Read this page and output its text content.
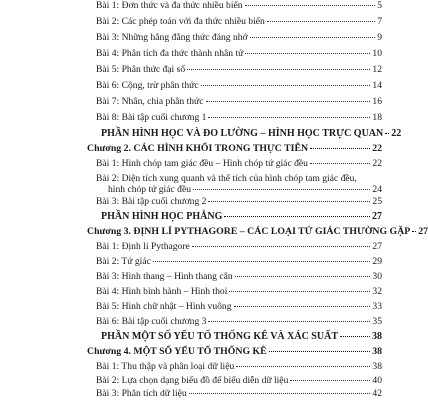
Bài 1: Đơn thức và đa thức nhiều biến	5
Bài 2: Các phép toán với đa thức nhiều biến	7
Bài 3: Những hằng đẳng thức đáng nhớ	9
Bài 4: Phân tích đa thức thành nhân tử	10
Bài 5: Phân thức đại số	12
Bài 6: Cộng, trừ phân thức	14
Bài 7: Nhân, chia phân thức	16
Bài 8: Bài tập cuối chương 1	18
PHẦN HÌNH HỌC VÀ ĐO LƯỜNG – HÌNH HỌC TRỰC QUAN 22
Chương 2. CÁC HÌNH KHỐI TRONG THỰC TIỄN	22
Bài 1: Hình chóp tam giác đều – Hình chóp tứ giác đều	22
Bài 2: Diện tích xung quanh và thể tích của hình chóp tam giác đều,
hình chóp tứ giác đều	24
Bài 3: Bài tập cuối chương 2	25
PHẦN HÌNH HỌC PHẲNG	27
Chương 3. ĐỊNH LÍ PYTHAGORE – CÁC LOẠI TỨ GIÁC THƯỜNG GẶP 27
Bài 1: Định lí Pythagore	27
Bài 2: Tứ giác	29
Bài 3: Hình thang – Hình thang cân	30
Bài 4: Hình bình hành – Hình thoi	32
Bài 5: Hình chữ nhật – Hình vuông	33
Bài 6: Bài tập cuối chương 3	35
PHẦN MỘT SỐ YẾU TỐ THỐNG KÊ VÀ XÁC SUẤT	38
Chương 4. MỘT SỐ YẾU TỐ THỐNG KÊ	38
Bài 1: Thu thập và phân loại dữ liệu	38
Bài 2: Lựa chọn dạng biểu đồ để biểu diễn dữ liệu	40
Bài 3: Phân tích dữ liệu	42
